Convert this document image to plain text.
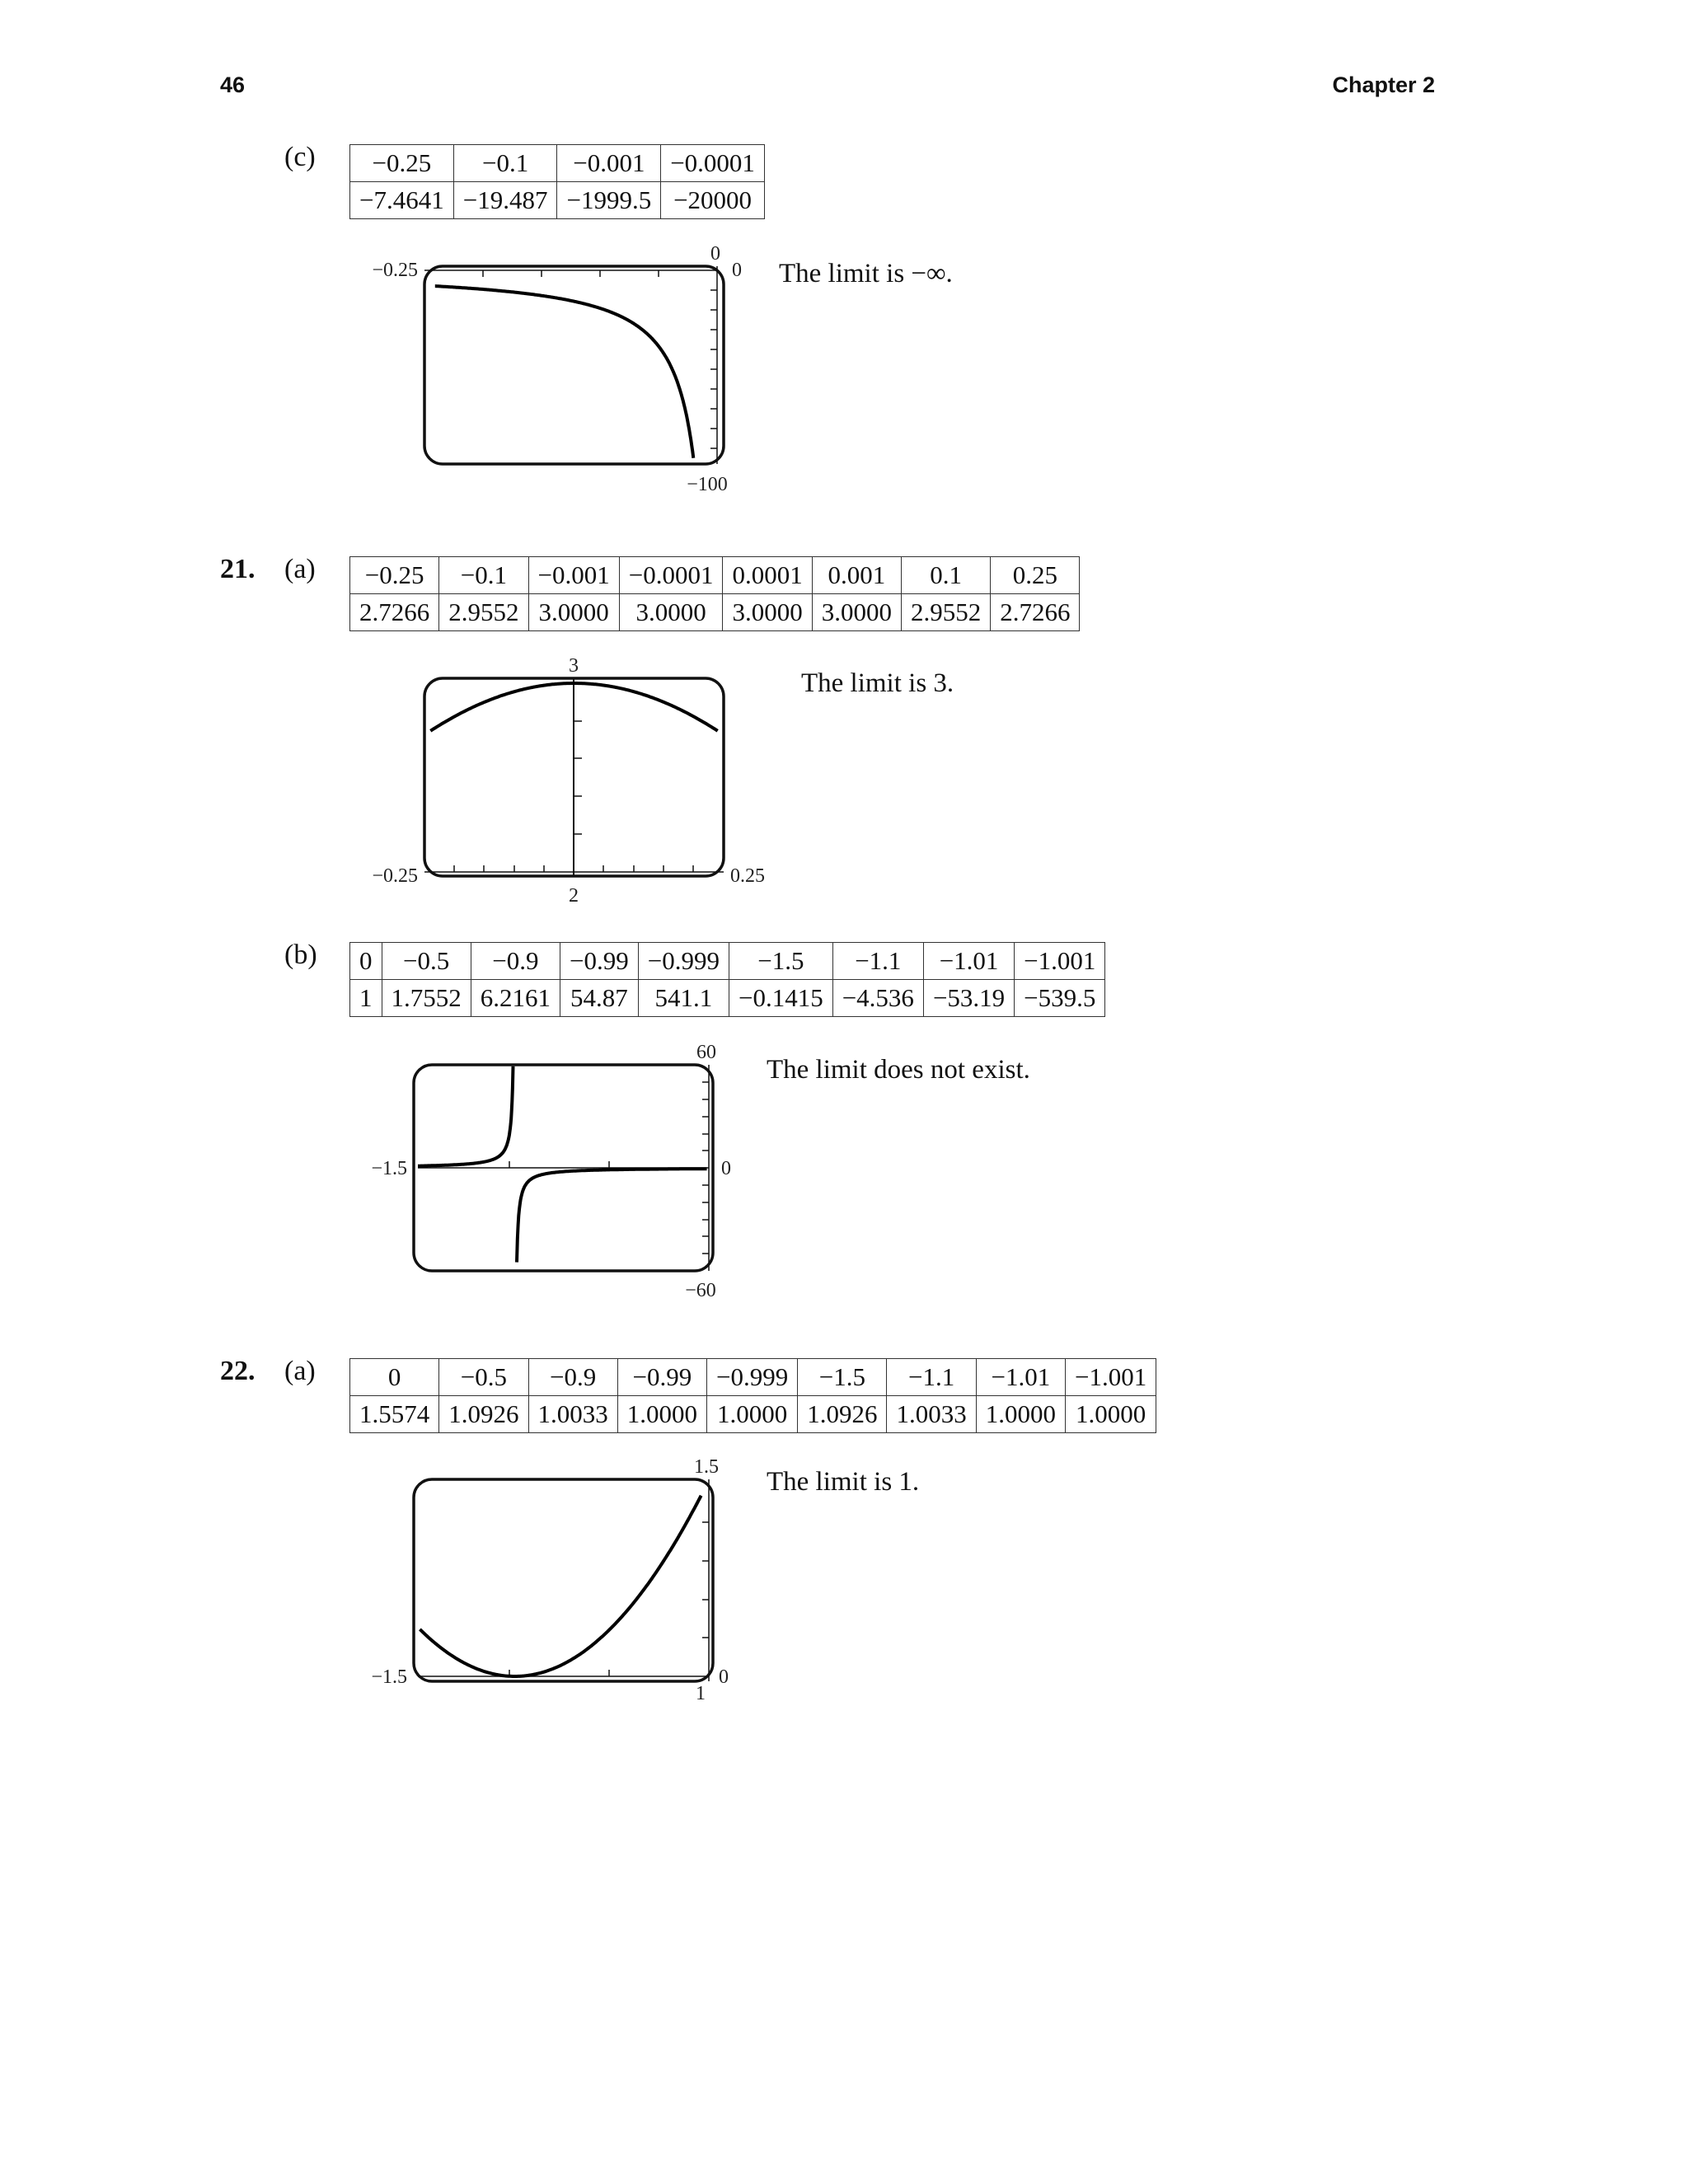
46	Chapter 2
(c) −0.25	−0.1	−0.001	−0.0001
−7.4641	−19.487	−1999.5	−20000
−0.25
0
0
−100
The limit is −∞.
21. (a) −0.25	−0.1	−0.001	−0.0001	0.0001	0.001	0.1	0.25
2.7266	2.9552	3.0000	3.0000	3.0000	3.0000	2.9552	2.7266
−0.25
3
0.25
2
The limit is 3.
(b) 0	−0.5	−0.9	−0.99	−0.999	−1.5	−1.1	−1.01	−1.001
1	1.7552	6.2161	54.87	541.1	−0.1415	−4.536	−53.19	−539.5
−1.5
60
0
−60
The limit does not exist.
22. (a)	0	−0.5	−0.9	−0.99	−0.999	−1.5	−1.1	−1.01	−1.001
1.5574	1.0926	1.0033	1.0000	1.0000	1.0926	1.0033	1.0000	1.0000
−1.5
1.5
0
1
The limit is 1.
